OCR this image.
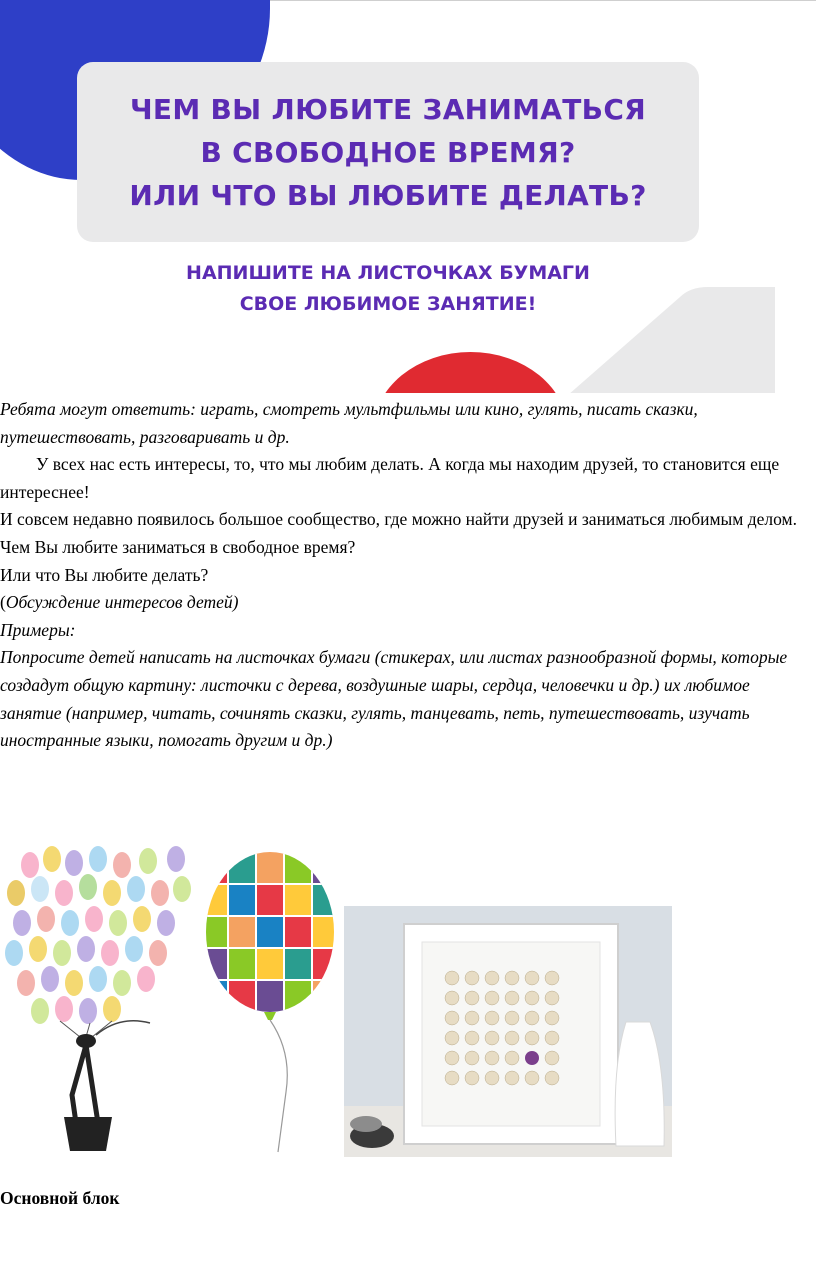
ЧЕМ ВЫ ЛЮБИТЕ ЗАНИМАТЬСЯ
В СВОБОДНОЕ ВРЕМЯ?
ИЛИ ЧТО ВЫ ЛЮБИТЕ ДЕЛАТЬ?
НАПИШИТЕ НА ЛИСТОЧКАХ БУМАГИ
СВОЕ ЛЮБИМОЕ ЗАНЯТИЕ!

Ребята могут ответить: играть, смотреть мультфильмы или кино, гулять, писать сказки, путешествовать, разговаривать и др.

У всех нас есть интересы, то, что мы любим делать. А когда мы находим друзей, то становится еще интереснее!

И совсем недавно появилось большое сообщество, где можно найти друзей и заниматься любимым делом.

Чем Вы любите заниматься в свободное время?

Или что Вы любите делать?

(Обсуждение интересов детей)

Примеры:

Попросите детей написать на листочках бумаги (стикерах, или листах разнообразной формы, которые создадут общую картину: листочки с дерева, воздушные шары, сердца, человечки и др.) их любимое занятие (например, читать, сочинять сказки, гулять, танцевать, петь, путешествовать, изучать иностранные языки, помогать другим и др.)

Основной блок
